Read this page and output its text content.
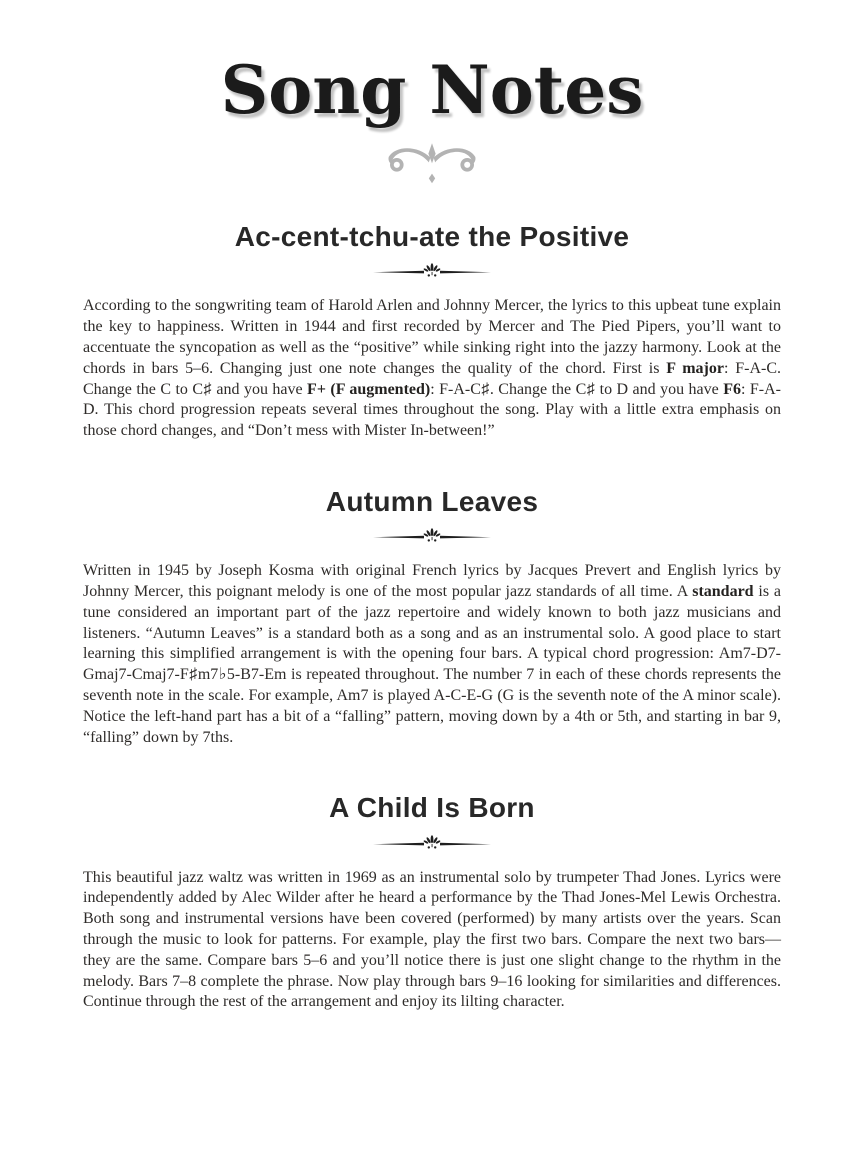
Song Notes
Ac-cent-tchu-ate the Positive

According to the songwriting team of Harold Arlen and Johnny Mercer, the lyrics to this upbeat tune explain the key to happiness. Written in 1944 and first recorded by Mercer and The Pied Pipers, you’ll want to accentuate the syncopation as well as the “positive” while sinking right into the jazzy harmony. Look at the chords in bars 5–6. Changing just one note changes the quality of the chord. First is F major: F-A-C. Change the C to C♯ and you have F+ (F augmented): F-A-C♯. Change the C♯ to D and you have F6: F-A-D. This chord progression repeats several times throughout the song. Play with a little extra emphasis on those chord changes, and “Don’t mess with Mister In-between!”

Autumn Leaves

Written in 1945 by Joseph Kosma with original French lyrics by Jacques Prevert and English lyrics by Johnny Mercer, this poignant melody is one of the most popular jazz standards of all time. A standard is a tune considered an important part of the jazz repertoire and widely known to both jazz musicians and listeners. “Autumn Leaves” is a standard both as a song and as an instrumental solo. A good place to start learning this simplified arrangement is with the opening four bars. A typical chord progression: Am7-D7-Gmaj7-Cmaj7-F♯m7♭5-B7-Em is repeated throughout. The number 7 in each of these chords represents the seventh note in the scale. For example, Am7 is played A-C-E-G (G is the seventh note of the A minor scale). Notice the left-hand part has a bit of a “falling” pattern, moving down by a 4th or 5th, and starting in bar 9, “falling” down by 7ths.

A Child Is Born

This beautiful jazz waltz was written in 1969 as an instrumental solo by trumpeter Thad Jones. Lyrics were independently added by Alec Wilder after he heard a performance by the Thad Jones-Mel Lewis Orchestra. Both song and instrumental versions have been covered (performed) by many artists over the years. Scan through the music to look for patterns. For example, play the first two bars. Compare the next two bars—they are the same. Compare bars 5–6 and you’ll notice there is just one slight change to the rhythm in the melody. Bars 7–8 complete the phrase. Now play through bars 9–16 looking for similarities and differences. Continue through the rest of the arrangement and enjoy its lilting character.
